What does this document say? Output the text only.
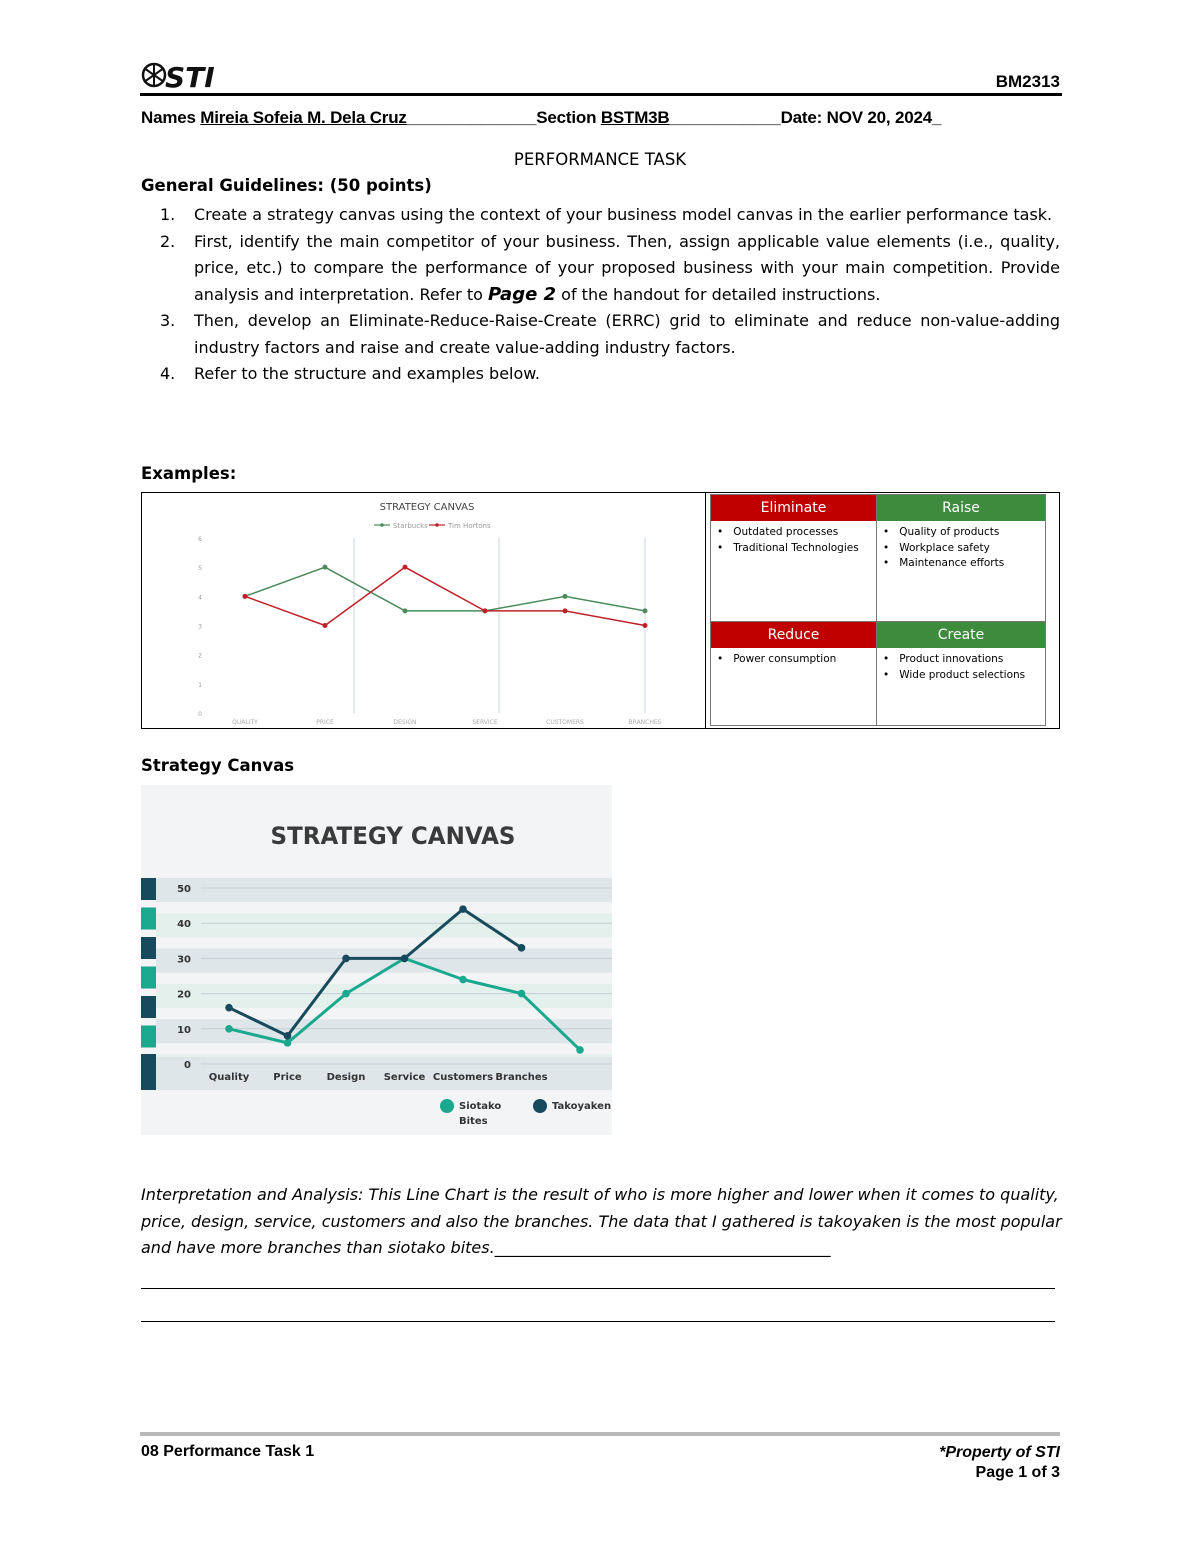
STI	BM2313
Names Mireia Sofeia M. Dela Cruz______________Section BSTM3B____________Date: NOV 20, 2024_
PERFORMANCE TASK
General Guidelines: (50 points)
1.	Create a strategy canvas using the context of your business model canvas in the earlier performance task.
2.	First, identify the main competitor of your business. Then, assign applicable value elements (i.e., quality, price, etc.) to compare the performance of your proposed business with your main competition. Provide analysis and interpretation. Refer to Page 2 of the handout for detailed instructions.
3.	Then, develop an Eliminate-Reduce-Raise-Create (ERRC) grid to eliminate and reduce non-value-adding industry factors and raise and create value-adding industry factors.
4.	Refer to the structure and examples below.
Examples:
STRATEGY CANVAS
Starbucks	Tim Hortons
0
1
2
3
4
5
6
QUALITY	PRICE	DESIGN	SERVICE	CUSTOMERS	BRANCHES
Eliminate
•   Outdated processes
•   Traditional Technologies
Raise
•   Quality of products
•   Workplace safety
•   Maintenance efforts
Reduce
•   Power consumption
Create
•   Product innovations
•   Wide product selections
Strategy Canvas
0
10
20
30
40
50
STRATEGY CANVAS
Quality Price Design Service Customers Branches
Siotako
Bites
Takoyaken
Interpretation and Analysis: This Line Chart is the result of who is more higher and lower when it comes to quality, price, design, service, customers and also the branches. The data that I gathered is takoyaken is the most popular and have more branches than siotako bites.__________________________________________
08 Performance Task 1	*Property of STI
Page 1 of 3
